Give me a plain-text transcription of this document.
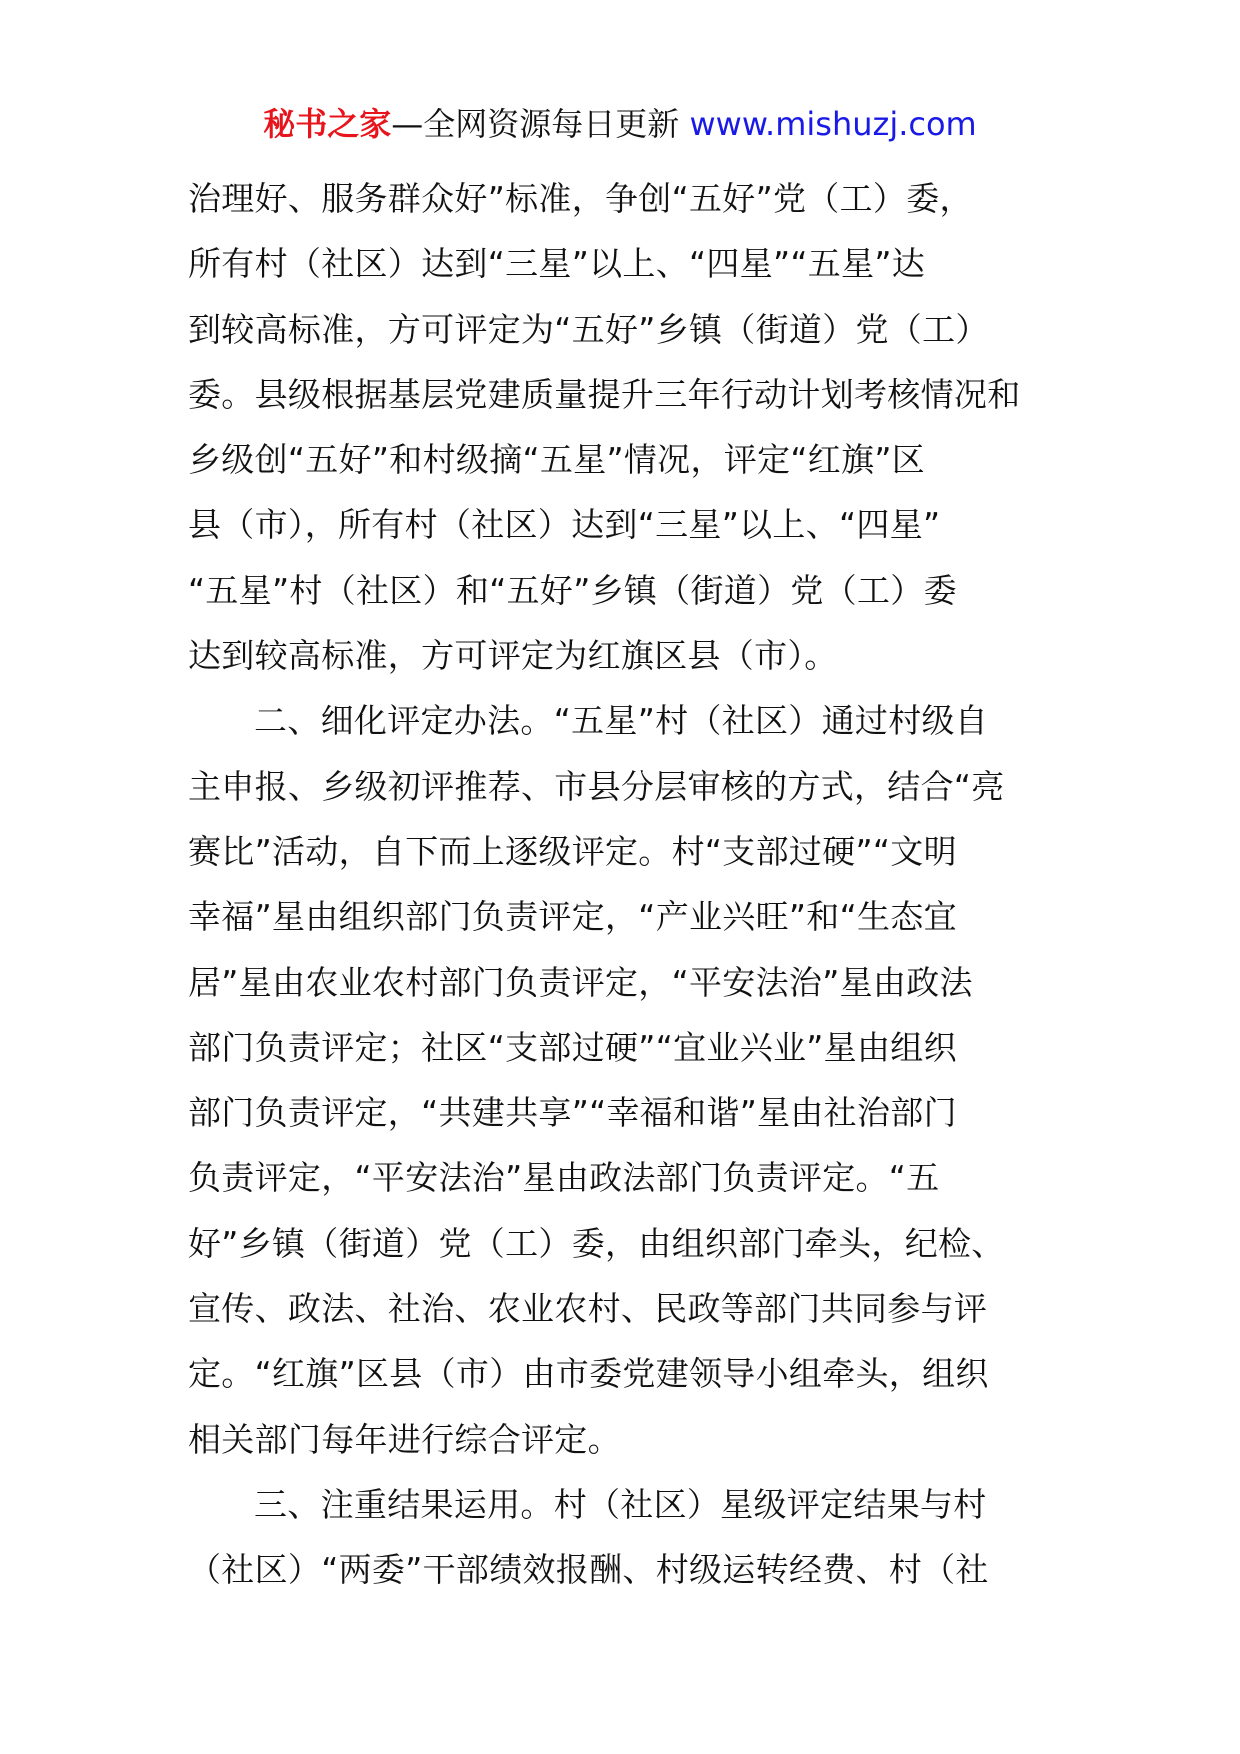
秘书之家—全网资源每日更新 www.mishuzj.com
治理好、服务群众好”标准，争创“五好”党（工）委，
所有村（社区）达到“三星”以上、“四星”“五星”达
到较高标准，方可评定为“五好”乡镇（街道）党（工）
委。县级根据基层党建质量提升三年行动计划考核情况和
乡级创“五好”和村级摘“五星”情况，评定“红旗”区
县（市），所有村（社区）达到“三星”以上、“四星”
“五星”村（社区）和“五好”乡镇（街道）党（工）委
达到较高标准，方可评定为红旗区县（市）。
二、细化评定办法。“五星”村（社区）通过村级自
主申报、乡级初评推荐、市县分层审核的方式，结合“亮
赛比”活动，自下而上逐级评定。村“支部过硬”“文明
幸福”星由组织部门负责评定，“产业兴旺”和“生态宜
居”星由农业农村部门负责评定，“平安法治”星由政法
部门负责评定；社区“支部过硬”“宜业兴业”星由组织
部门负责评定，“共建共享”“幸福和谐”星由社治部门
负责评定，“平安法治”星由政法部门负责评定。“五
好”乡镇（街道）党（工）委，由组织部门牵头，纪检、
宣传、政法、社治、农业农村、民政等部门共同参与评
定。“红旗”区县（市）由市委党建领导小组牵头，组织
相关部门每年进行综合评定。
三、注重结果运用。村（社区）星级评定结果与村
（社区）“两委”干部绩效报酬、村级运转经费、村（社
